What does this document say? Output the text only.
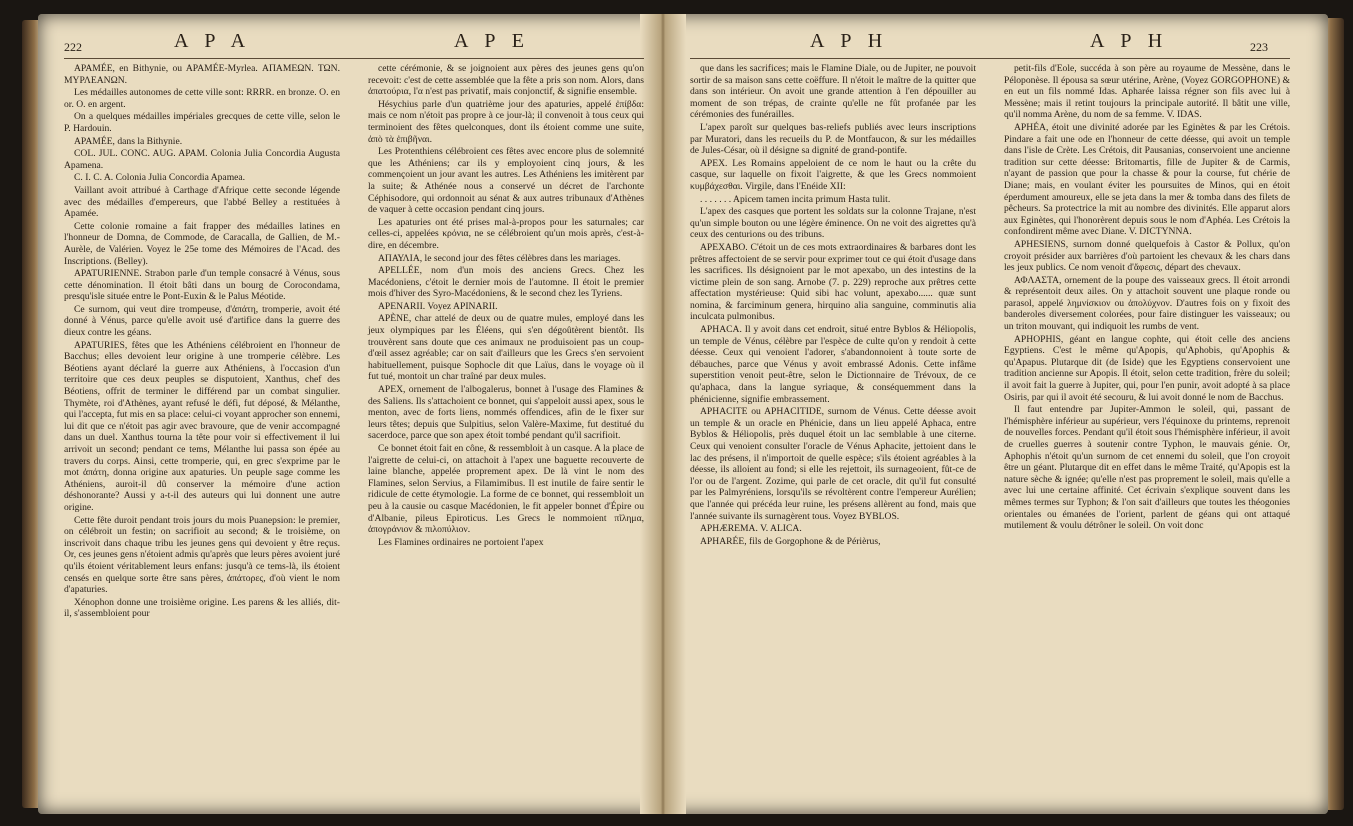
222	A P A	A P E

APAMÉE, en Bithynie, ou APAMÉE-Myrlea. ΑΠΑΜΕΩΝ. ΤΩΝ. ΜΥΡΛΕΑΝΩΝ.

Les médailles autonomes de cette ville sont: RRRR. en bronze. O. en or. O. en argent.

On a quelques médailles impériales grecques de cette ville, selon le P. Hardouin.

APAMÉE, dans la Bithynie.

COL. JUL. CONC. AUG. APAM. Colonia Julia Concordia Augusta Apamena.

C. I. C. A. Colonia Julia Concordia Apamea.

Vaillant avoit attribué à Carthage d'Afrique cette seconde légende avec des médailles d'empereurs, que l'abbé Belley a restituées à Apamée.

Cette colonie romaine a fait frapper des médailles latines en l'honneur de Domna, de Commode, de Caracalla, de Gallien, de M.-Aurèle, de Valérien. Voyez le 25e tome des Mémoires de l'Acad. des Inscriptions. (Belley).

APATURIENNE. Strabon parle d'un temple consacré à Vénus, sous cette dénomination. Il étoit bâti dans un bourg de Corocondama, presqu'isle située entre le Pont-Euxin & le Palus Méotide.

Ce surnom, qui veut dire trompeuse, d'ἀπάτη, tromperie, avoit été donné à Vénus, parce qu'elle avoit usé d'artifice dans la guerre des dieux contre les géans.

APATURIES, fêtes que les Athéniens célébroient en l'honneur de Bacchus; elles devoient leur origine à une tromperie célèbre. Les Béotiens ayant déclaré la guerre aux Athéniens, à l'occasion d'un territoire que ces deux peuples se disputoient, Xanthus, chef des Béotiens, offrit de terminer le différend par un combat singulier. Thymète, roi d'Athènes, ayant refusé le défi, fut déposé, & Mélanthe, qui l'accepta, fut mis en sa place: celui-ci voyant approcher son ennemi, lui dit que ce n'étoit pas agir avec bravoure, que de venir accompagné dans un duel. Xanthus tourna la tête pour voir si effectivement il lui arrivoit un second; pendant ce tems, Mélanthe lui passa son épée au travers du corps. Ainsi, cette tromperie, qui, en grec s'exprime par le mot ἀπάτη, donna origine aux apaturies. Un peuple sage comme les Athéniens, auroit-il dû conserver la mémoire d'une action déshonorante? Aussi y a-t-il des auteurs qui lui donnent une autre origine.

Cette fête duroit pendant trois jours du mois Puanepsion: le premier, on célébroit un festin; on sacrifioit au second; & le troisième, on inscrivoit dans chaque tribu les jeunes gens qui devoient y être reçus. Or, ces jeunes gens n'étoient admis qu'après que leurs pères avoient juré qu'ils étoient véritablement leurs enfans: jusqu'à ce tems-là, ils étoient censés en quelque sorte être sans pères, ἀπάτορες, d'où vient le nom d'apaturies.

Xénophon donne une troisième origine. Les parens & les alliés, dit-il, s'assembloient pour

cette cérémonie, & se joignoient aux pères des jeunes gens qu'on recevoit: c'est de cette assemblée que la fête a pris son nom. Alors, dans ἀπατούρια, l'α n'est pas privatif, mais conjonctif, & signifie ensemble.

Hésychius parle d'un quatrième jour des apaturies, appelé ἐπίβδα: mais ce nom n'étoit pas propre à ce jour-là; il convenoit à tous ceux qui terminoient des fêtes quelconques, dont ils étoient comme une suite, ἀπὸ τὰ ἐπιβῆναι.

Les Protenthiens célébroient ces fêtes avec encore plus de solemnité que les Athéniens; car ils y employoient cinq jours, & les commençoient un jour avant les autres. Les Athéniens les imitèrent par la suite; & Athénée nous a conservé un décret de l'archonte Céphisodore, qui ordonnoit au sénat & aux autres tribunaux d'Athènes de vaquer à cette occasion pendant cinq jours.

Les apaturies ont été prises mal-à-propos pour les saturnales; car celles-ci, appelées κρόνια, ne se célébroient qu'un mois après, c'est-à-dire, en décembre.

ΑΠΑΥΛΙΑ, le second jour des fêtes célèbres dans les mariages.

APELLÉE, nom d'un mois des anciens Grecs. Chez les Macédoniens, c'étoit le dernier mois de l'automne. Il étoit le premier mois d'hiver des Syro-Macédoniens, & le second chez les Tyriens.

APENARII. Voyez APINARII.

APÈNE, char attelé de deux ou de quatre mules, employé dans les jeux olympiques par les Éléens, qui s'en dégoûtèrent bientôt. Ils trouvèrent sans doute que ces animaux ne produisoient pas un coup-d'œil assez agréable; car on sait d'ailleurs que les Grecs s'en servoient habituellement, puisque Sophocle dit que Laïus, dans le voyage où il fut tué, montoit un char traîné par deux mules.

APEX, ornement de l'albogalerus, bonnet à l'usage des Flamines & des Saliens. Ils s'attachoient ce bonnet, qui s'appeloit aussi apex, sous le menton, avec de forts liens, nommés offendices, afin de le fixer sur leurs têtes; depuis que Sulpitius, selon Valère-Maxime, fut destitué du sacerdoce, parce que son apex étoit tombé pendant qu'il sacrifioit.

Ce bonnet étoit fait en cône, & ressembloit à un casque. A la place de l'aigrette de celui-ci, on attachoit à l'apex une baguette recouverte de laine blanche, appelée proprement apex. De là vint le nom des Flamines, selon Servius, a Filamimibus. Il est inutile de faire sentir le ridicule de cette étymologie. La forme de ce bonnet, qui ressembloit un peu à la causie ou casque Macédonien, le fit appeler bonnet d'Épire ou d'Albanie, pileus Epiroticus. Les Grecs le nommoient πῖλημα, ἀπογράνιον & πιλοπύλιον.

Les Flamines ordinaires ne portoient l'apex

A P H	A P H	223

que dans les sacrifices; mais le Flamine Diale, ou de Jupiter, ne pouvoit sortir de sa maison sans cette coëffure. Il n'étoit le maître de la quitter que dans son intérieur. On avoit une grande attention à l'en dépouiller au moment de son trépas, de crainte qu'elle ne fût profanée par les cérémonies des funérailles.

L'apex paroît sur quelques bas-reliefs publiés avec leurs inscriptions par Muratori, dans les recueils du P. de Montfaucon, & sur les médailles de Jules-César, où il désigne sa dignité de grand-pontife.

APEX. Les Romains appeloient de ce nom le haut ou la crête du casque, sur laquelle on fixoit l'aigrette, & que les Grecs nommoient κυμβάχεσθαι. Virgile, dans l'Enéide XII:

. . . . . . . Apicem tamen incita primum Hasta tulit.

L'apex des casques que portent les soldats sur la colonne Trajane, n'est qu'un simple bouton ou une légère éminence. On ne voit des aigrettes qu'à ceux des centurions ou des tribuns.

APEXABO. C'étoit un de ces mots extraordinaires & barbares dont les prêtres affectoient de se servir pour exprimer tout ce qui étoit d'usage dans les sacrifices. Ils désignoient par le mot apexabo, un des intestins de la victime plein de son sang. Arnobe (7. p. 229) reproche aux prêtres cette affectation mystérieuse: Quid sibi hac volunt, apexabo...... quæ sunt nomina, & farciminum genera, hirquino alia sanguine, comminutis alia inculcata pulmonibus.

APHACA. Il y avoit dans cet endroit, situé entre Byblos & Héliopolis, un temple de Vénus, célèbre par l'espèce de culte qu'on y rendoit à cette déesse. Ceux qui venoient l'adorer, s'abandonnoient à toute sorte de débauches, parce que Vénus y avoit embrassé Adonis. Cette infâme superstition venoit peut-être, selon le Dictionnaire de Trévoux, de ce qu'aphaca, dans la langue syriaque, & conséquemment dans la phénicienne, signifie embrassement.

APHACITE ou APHACITIDE, surnom de Vénus. Cette déesse avoit un temple & un oracle en Phénicie, dans un lieu appelé Aphaca, entre Byblos & Héliopolis, près duquel étoit un lac semblable à une citerne. Ceux qui venoient consulter l'oracle de Vénus Aphacite, jettoient dans le lac des présens, il n'importoit de quelle espèce; s'ils étoient agréables à la déesse, ils alloient au fond; si elle les rejettoit, ils surnageoient, fût-ce de l'or ou de l'argent. Zozime, qui parle de cet oracle, dit qu'il fut consulté par les Palmyréniens, lorsqu'ils se révoltèrent contre l'empereur Aurélien; que l'année qui précéda leur ruine, les présens allèrent au fond, mais que l'année suivante ils surnagèrent tous. Voyez BYBLOS.

APHÆREMA. V. ALICA.

APHARÉE, fils de Gorgophone & de Périèrus,

petit-fils d'Eole, succéda à son père au royaume de Messène, dans le Péloponèse. Il épousa sa sœur utérine, Arène, (Voyez GORGOPHONE) & en eut un fils nommé Idas. Apharée laissa régner son fils avec lui à Messène; mais il retint toujours la principale autorité. Il bâtit une ville, qu'il nomma Arène, du nom de sa femme. V. IDAS.

APHÉA, étoit une divinité adorée par les Eginètes & par les Crétois. Pindare a fait une ode en l'honneur de cette déesse, qui avoit un temple dans l'isle de Crète. Les Crétois, dit Pausanias, conservoient une ancienne tradition sur cette déesse: Britomartis, fille de Jupiter & de Carmis, n'ayant de passion que pour la chasse & pour la course, fut chérie de Diane; mais, en voulant éviter les poursuites de Minos, qui en étoit éperdument amoureux, elle se jeta dans la mer & tomba dans des filets de pêcheurs. Sa protectrice la mit au nombre des divinités. Elle apparut alors aux Eginètes, qui l'honorèrent depuis sous le nom d'Aphéa. Les Crétois la confondirent même avec Diane. V. DICTYNNA.

APHESIENS, surnom donné quelquefois à Castor & Pollux, qu'on croyoit présider aux barrières d'où partoient les chevaux & les chars dans les jeux publics. Ce nom venoit d'ἄφεσις, départ des chevaux.

ΑΦΛΑΣΤΑ, ornement de la poupe des vaisseaux grecs. Il étoit arrondi & représentoit deux ailes. On y attachoit souvent une plaque ronde ou parasol, appelé λημνίσκιον ou ἀπολύχνον. D'autres fois on y fixoit des banderoles diversement colorées, pour faire distinguer les vaisseaux; ou un triton mouvant, qui indiquoit les rumbs de vent.

APHOPHIS, géant en langue cophte, qui étoit celle des anciens Egyptiens. C'est le même qu'Apopis, qu'Aphobis, qu'Apophis & qu'Apapus. Plutarque dit (de Iside) que les Egyptiens conservoient une tradition ancienne sur Apopis. Il étoit, selon cette tradition, frère du soleil; il avoit fait la guerre à Jupiter, qui, pour l'en punir, avoit adopté à sa place Osiris, par qui il avoit été secouru, & lui avoit donné le nom de Bacchus.

Il faut entendre par Jupiter-Ammon le soleil, qui, passant de l'hémisphère inférieur au supérieur, vers l'équinoxe du printems, reprenoit de nouvelles forces. Pendant qu'il étoit sous l'hémisphère inférieur, il avoit de cruelles guerres à soutenir contre Typhon, le mauvais génie. Or, Aphophis n'étoit qu'un surnom de cet ennemi du soleil, que l'on croyoit être un géant. Plutarque dit en effet dans le même Traité, qu'Apopis est la nature sèche & ignée; qu'elle n'est pas proprement le soleil, mais qu'elle a avec lui une certaine affinité. Cet écrivain s'explique souvent dans les mêmes termes sur Typhon; & l'on sait d'ailleurs que toutes les théogonies orientales ou émanées de l'orient, parlent de géans qui ont attaqué mutilement & voulu détrôner le soleil. On voit donc
